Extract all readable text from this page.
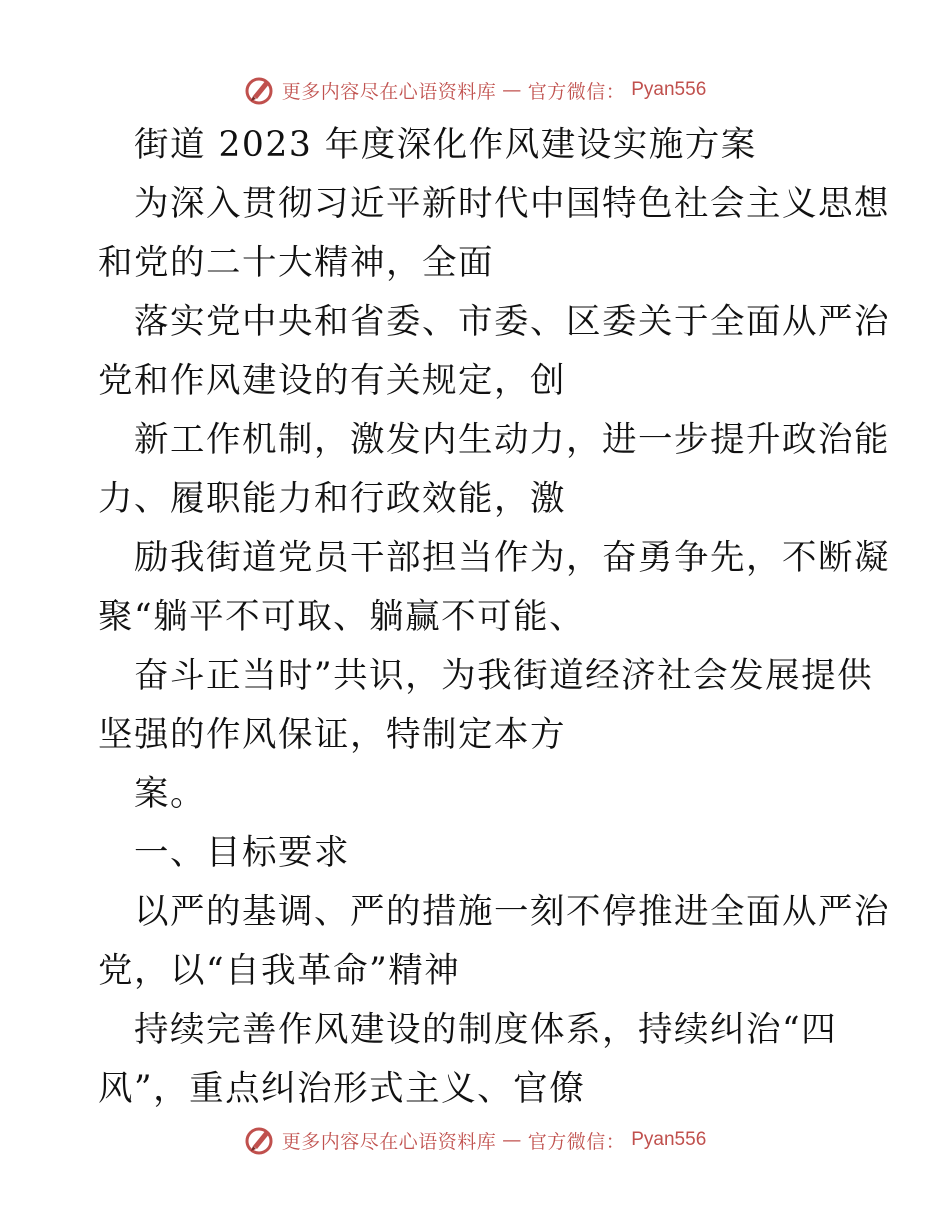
更多内容尽在心语资料库 — 官方微信： Pyan556
街道 2023 年度深化作风建设实施方案
为深入贯彻习近平新时代中国特色社会主义思想
和党的二十大精神，全面
落实党中央和省委、市委、区委关于全面从严治
党和作风建设的有关规定，创
新工作机制，激发内生动力，进一步提升政治能
力、履职能力和行政效能，激
励我街道党员干部担当作为，奋勇争先，不断凝
聚“躺平不可取、躺赢不可能、
奋斗正当时”共识，为我街道经济社会发展提供
坚强的作风保证，特制定本方
案。
一、目标要求
以严的基调、严的措施一刻不停推进全面从严治
党，以“自我革命”精神
持续完善作风建设的制度体系，持续纠治“四
风”，重点纠治形式主义、官僚
更多内容尽在心语资料库 — 官方微信： Pyan556
